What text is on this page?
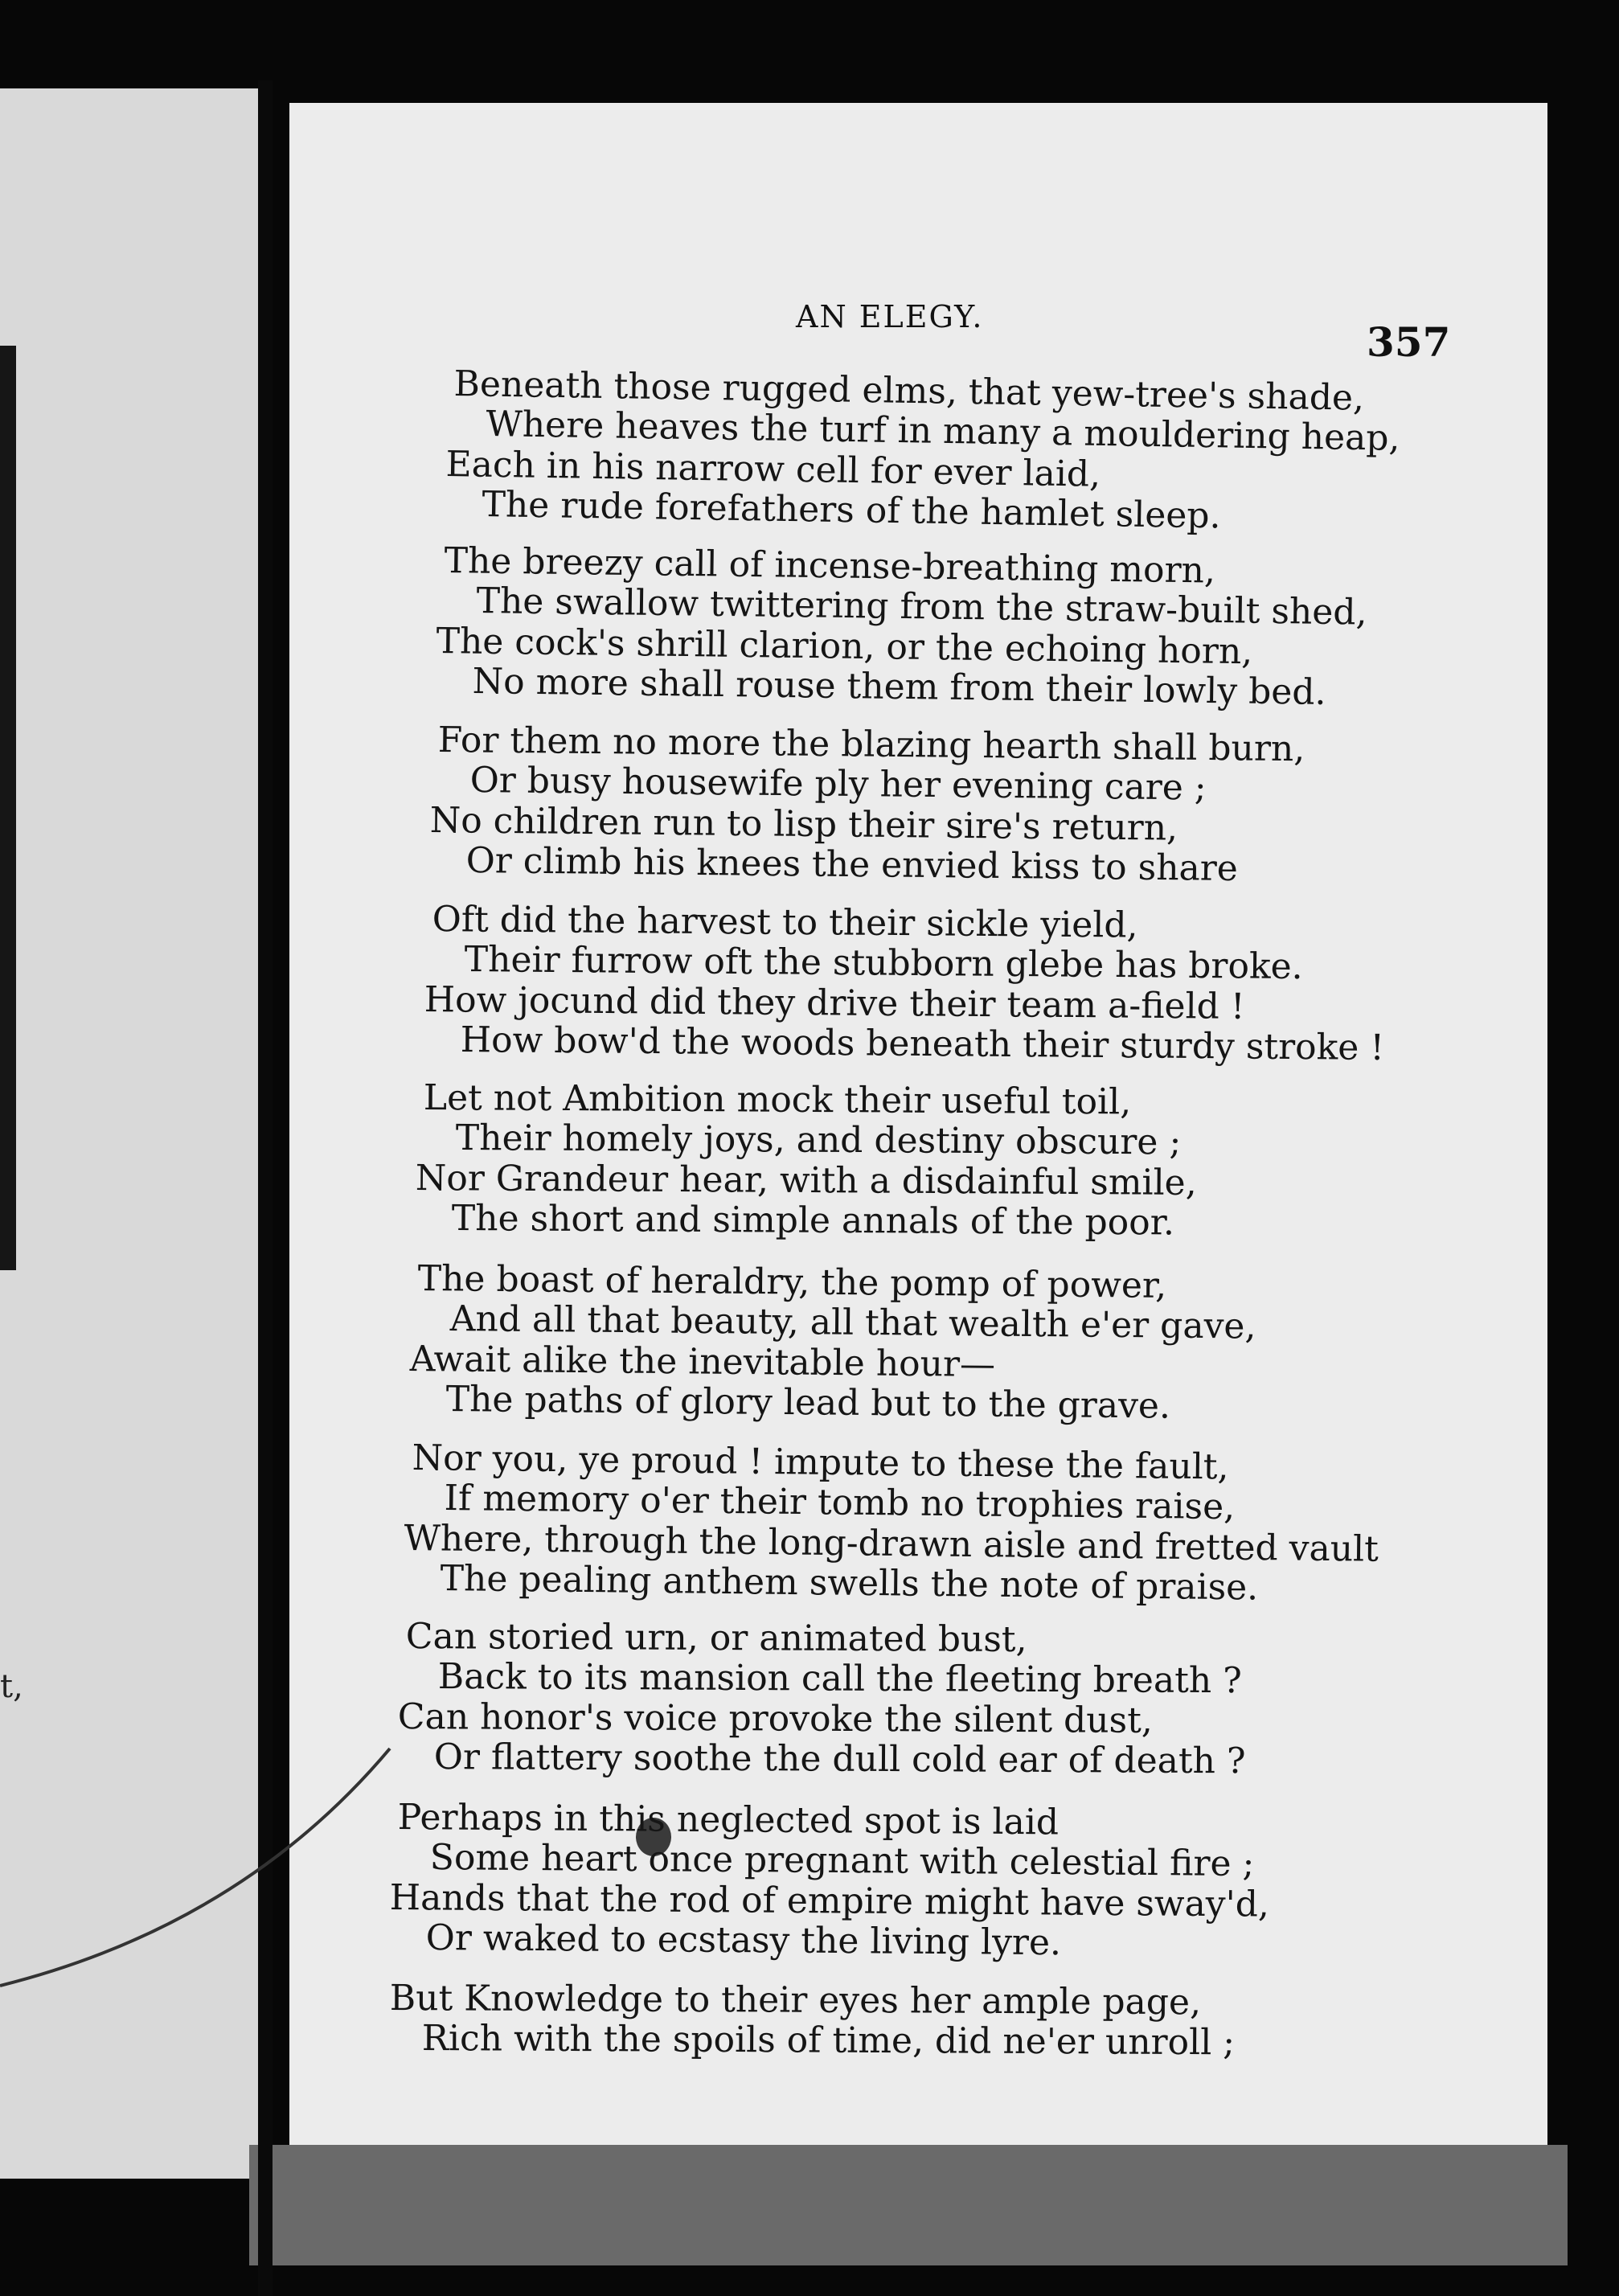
t,
AN ELEGY.
357
Beneath those rugged elms, that yew-tree's shade,
Where heaves the turf in many a mouldering heap,
Each in his narrow cell for ever laid,
The rude forefathers of the hamlet sleep.
The breezy call of incense-breathing morn,
The swallow twittering from the straw-built shed,
The cock's shrill clarion, or the echoing horn,
No more shall rouse them from their lowly bed.
For them no more the blazing hearth shall burn,
Or busy housewife ply her evening care ;
No children run to lisp their sire's return,
Or climb his knees the envied kiss to share
Oft did the harvest to their sickle yield,
Their furrow oft the stubborn glebe has broke.
How jocund did they drive their team a-field !
How bow'd the woods beneath their sturdy stroke !
Let not Ambition mock their useful toil,
Their homely joys, and destiny obscure ;
Nor Grandeur hear, with a disdainful smile,
The short and simple annals of the poor.
The boast of heraldry, the pomp of power,
And all that beauty, all that wealth e'er gave,
Await alike the inevitable hour—
The paths of glory lead but to the grave.
Nor you, ye proud ! impute to these the fault,
If memory o'er their tomb no trophies raise,
Where, through the long-drawn aisle and fretted vault
The pealing anthem swells the note of praise.
Can storied urn, or animated bust,
Back to its mansion call the fleeting breath ?
Can honor's voice provoke the silent dust,
Or flattery soothe the dull cold ear of death ?
Perhaps in this neglected spot is laid
Some heart once pregnant with celestial fire ;
Hands that the rod of empire might have sway'd,
Or waked to ecstasy the living lyre.
But Knowledge to their eyes her ample page,
Rich with the spoils of time, did ne'er unroll ;
